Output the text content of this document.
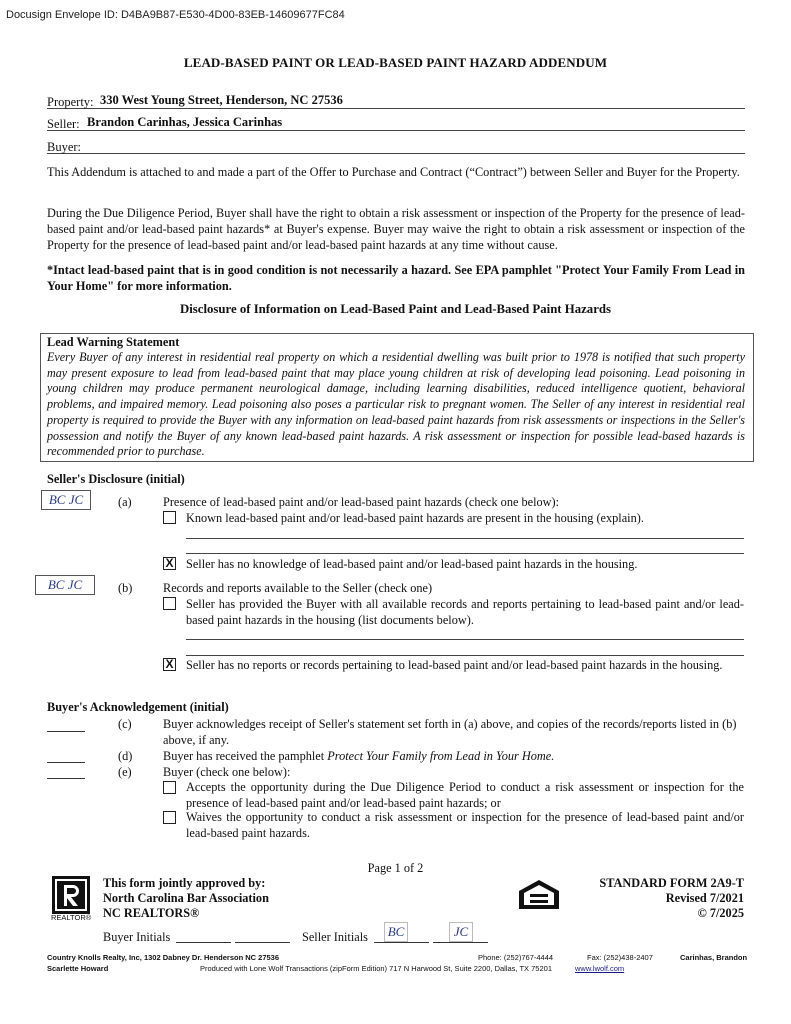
Docusign Envelope ID: D4BA9B87-E530-4D00-83EB-14609677FC84
LEAD-BASED PAINT OR LEAD-BASED PAINT HAZARD ADDENDUM
Property: 330 West Young Street, Henderson, NC 27536
Seller: Brandon Carinhas, Jessica Carinhas
Buyer:
This Addendum is attached to and made a part of the Offer to Purchase and Contract (“Contract”) between Seller and Buyer for the Property.
During the Due Diligence Period, Buyer shall have the right to obtain a risk assessment or inspection of the Property for the presence of lead-based paint and/or lead-based paint hazards* at Buyer's expense. Buyer may waive the right to obtain a risk assessment or inspection of the Property for the presence of lead-based paint and/or lead-based paint hazards at any time without cause.
*Intact lead-based paint that is in good condition is not necessarily a hazard. See EPA pamphlet "Protect Your Family From Lead in Your Home" for more information.
Disclosure of Information on Lead-Based Paint and Lead-Based Paint Hazards
Lead Warning Statement
Every Buyer of any interest in residential real property on which a residential dwelling was built prior to 1978 is notified that such property may present exposure to lead from lead-based paint that may place young children at risk of developing lead poisoning. Lead poisoning in young children may produce permanent neurological damage, including learning disabilities, reduced intelligence quotient, behavioral problems, and impaired memory. Lead poisoning also poses a particular risk to pregnant women. The Seller of any interest in residential real property is required to provide the Buyer with any information on lead-based paint hazards from risk assessments or inspections in the Seller's possession and notify the Buyer of any known lead-based paint hazards. A risk assessment or inspection for possible lead-based hazards is recommended prior to purchase.
Seller's Disclosure (initial)
BC JC	(a)	Presence of lead-based paint and/or lead-based paint hazards (check one below):
Known lead-based paint and/or lead-based paint hazards are present in the housing (explain).
X Seller has no knowledge of lead-based paint and/or lead-based paint hazards in the housing.
BC JC	(b) Records and reports available to the Seller (check one)
Seller has provided the Buyer with all available records and reports pertaining to lead-based paint and/or lead-based paint hazards in the housing (list documents below).
X Seller has no reports or records pertaining to lead-based paint and/or lead-based paint hazards in the housing.
Buyer's Acknowledgement (initial)
(c)	Buyer acknowledges receipt of Seller's statement set forth in (a) above, and copies of the records/reports listed in (b) above, if any.
(d) Buyer has received the pamphlet Protect Your Family from Lead in Your Home.
(e)	Buyer (check one below):
Accepts the opportunity during the Due Diligence Period to conduct a risk assessment or inspection for the presence of lead-based paint and/or lead-based paint hazards; or
Waives the opportunity to conduct a risk assessment or inspection for the presence of lead-based paint and/or lead-based paint hazards.
Page 1 of 2
REALTOR®
This form jointly approved by:
North Carolina Bar Association
NC REALTORS®
STANDARD FORM 2A9-T
Revised 7/2021
© 7/2025
Buyer Initials	Seller Initials BC	JC
Country Knolls Realty, Inc, 1302 Dabney Dr. Henderson NC 27536
Scarlette Howard
Phone: (252)767-4444	Fax: (252)438-2407	Carinhas, Brandon
Produced with Lone Wolf Transactions (zipForm Edition) 717 N Harwood St, Suite 2200, Dallas, TX 75201	www.lwolf.com
